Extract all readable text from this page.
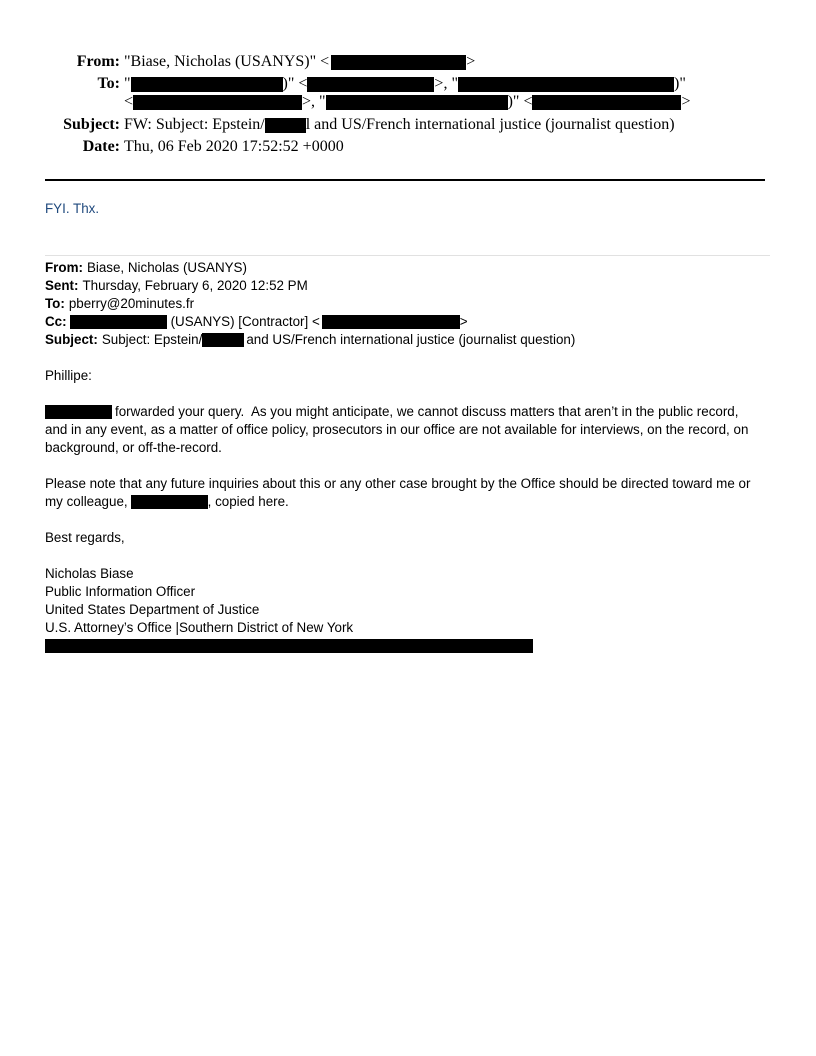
From: "Biase, Nicholas (USANYS)" <	>
To: "	)" <	>, "	)"
<	>, "	)" <	>
Subject: FW: Subject: Epstein/	l and US/French international justice (journalist question)
Date: Thu, 06 Feb 2020 17:52:52 +0000
FYI. Thx.
From: Biase, Nicholas (USANYS)
Sent: Thursday, February 6, 2020 12:52 PM
To: pberry@20minutes.fr
Cc:	(USANYS) [Contractor] <	>
Subject: Subject: Epstein/	and US/French international justice (journalist question)
Phillipe:
forwarded your query.  As you might anticipate, we cannot discuss matters that aren’t in the public record,
and in any event, as a matter of office policy, prosecutors in our office are not available for interviews, on the record, on
background, or off-the-record.
Please note that any future inquiries about this or any other case brought by the Office should be directed toward me or
my colleague,	, copied here.
Best regards,
Nicholas Biase
Public Information Officer
United States Department of Justice
U.S. Attorney’s Office |Southern District of New York
